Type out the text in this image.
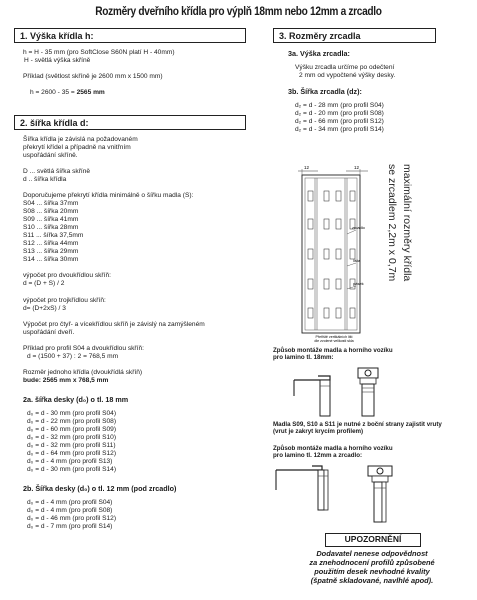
Rozměry dveřního křídla pro výplň 18mm nebo 12mm a zrcadlo
1. Výška křídla h:
2. šířka křídla d:
3. Rozměry zrcadla
h = H - 35 mm (pro SoftClose S60N platí H - 40mm)
H - světlá výška skříně
Příklad (světlost skříně je 2600 mm x 1500 mm)
h = 2600 - 35 = 2565 mm
Šířka křídla je závislá na požadovaném
překrytí křídel a případně na vnitřním
uspořádání skříně.
D ... světlá šířka skříně
d .. šířka křídla
Doporučujeme překrytí křídla minimálně o šířku madla (S):
S04 ... šířka 37mm
S08 ... šířka 20mm
S09 ... šířka 41mm
S10 ... šířka 28mm
S11 ... šířka 37,5mm
S12 ... šířka 44mm
S13 ... šířka 29mm
S14 ... šířka 30mm
výpočet pro dvoukřídlou skříň:
d = (D + S) / 2
výpočet pro trojkřídlou skříň:
d= (D+2xS) / 3
Výpočet pro čtyř- a vícekřídlou skříň je závislý na zamýšleném
uspořádání dveří.
Příklad pro profil S04 a dvoukřídlou skříň:
d = (1500 + 37) : 2 = 768,5 mm
Rozměr jednoho křídla (dvoukřídlá skříň)
bude: 2565 mm x 768,5 mm
2a. šířka desky (d₀) o tl. 18 mm
d₀ = d - 30 mm (pro profil S04)
d₀ = d - 22 mm (pro profil S08)
d₀ = d - 60 mm (pro profil S09)
d₀ = d - 32 mm (pro profil S10)
d₀ = d - 32 mm (pro profil S11)
d₀ = d - 64 mm (pro profil S12)
d₀ = d - 4 mm (pro profil S13)
d₀ = d - 30 mm (pro profil S14)
2b. Šířka desky (d₀) o tl. 12 mm (pod zrcadlo)
d₀ = d - 4 mm (pro profil S04)
d₀ = d - 4 mm (pro profil S08)
d₀ = d - 46 mm (pro profil S12)
d₀ = d - 7 mm (pro profil S14)
3a. Výška zrcadla:
Výšku zrcadla určíme po odečtení
2 mm od vypočtené výšky desky.
3b. Šířka zrcadla (dz):
d₂ = d - 28 mm (pro profil S04)
d₂ = d - 20 mm (pro profil S08)
d₂ = d - 66 mm (pro profil S12)
d₂ = d - 34 mm (pro profil S14)
12	12
zrcadlo
lišta
pásek
Přeřiště vertikálních lišt
dle zvolené velikosti skla
maximální rozměry křídla
se zrcadlem 2,2m x 0,7m
Způsob montáže madla a horního vozíku
pro lamino tl. 18mm:
Madla S09, S10 a S11 je nutné z boční strany zajistit vruty
(vrut je zakryt krycím profilem)
Způsob montáže madla a horního vozíku
pro lamino tl. 12mm a zrcadlo:
UPOZORNĚNÍ
Dodavatel nenese odpovědnost
za znehodnocení profilů způsobené
použitím desek nevhodné kvality
(špatně skladované, navlhlé apod).
